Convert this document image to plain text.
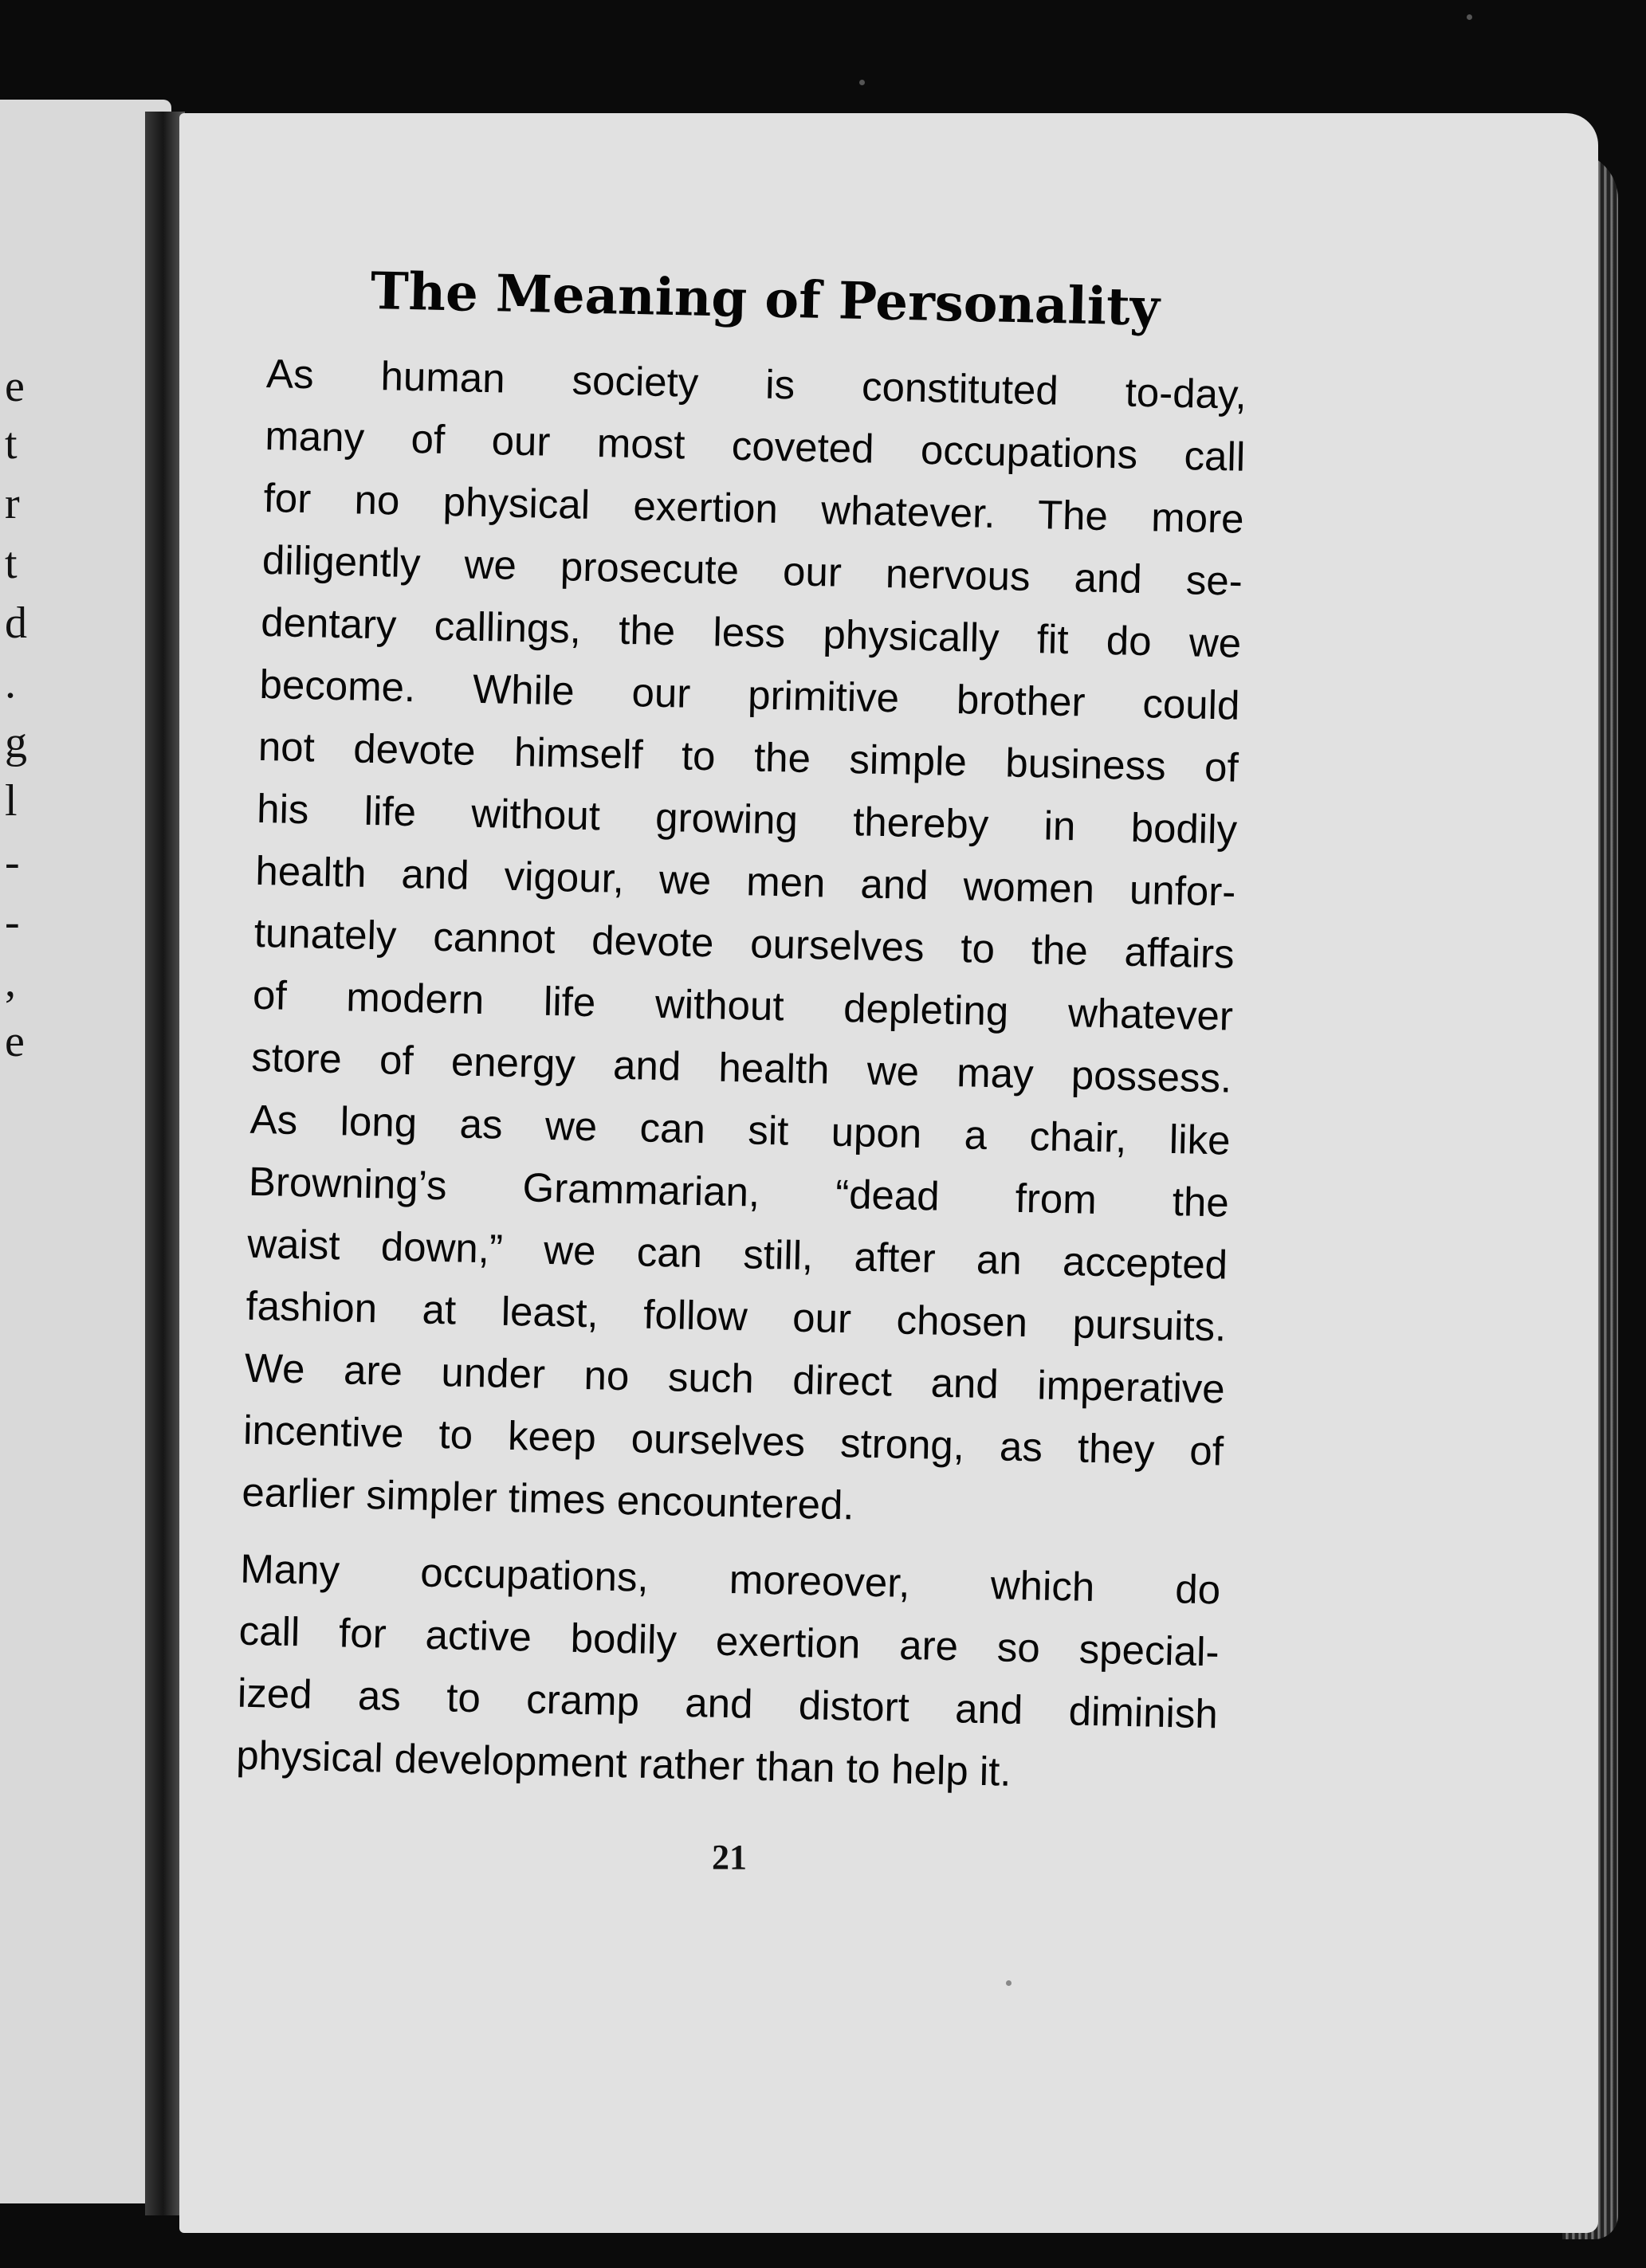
e

t

r

t

d

.

g

l

-

-

,

e

The Meaning of Personality

As human society is constituted to-day,
many of our most coveted occupations call
for no physical exertion whatever. The more
diligently we prosecute our nervous and se-
dentary callings, the less physically fit do we
become. While our primitive brother could
not devote himself to the simple business of
his life without growing thereby in bodily
health and vigour, we men and women unfor-
tunately cannot devote ourselves to the affairs
of modern life without depleting whatever
store of energy and health we may possess.
As long as we can sit upon a chair, like
Browning’s Grammarian, “dead from the
waist down,” we can still, after an accepted
fashion at least, follow our chosen pursuits.
We are under no such direct and imperative
incentive to keep ourselves strong, as they of
earlier simpler times encountered.

Many occupations, moreover, which do
call for active bodily exertion are so special-
ized as to cramp and distort and diminish
physical development rather than to help it.

21
